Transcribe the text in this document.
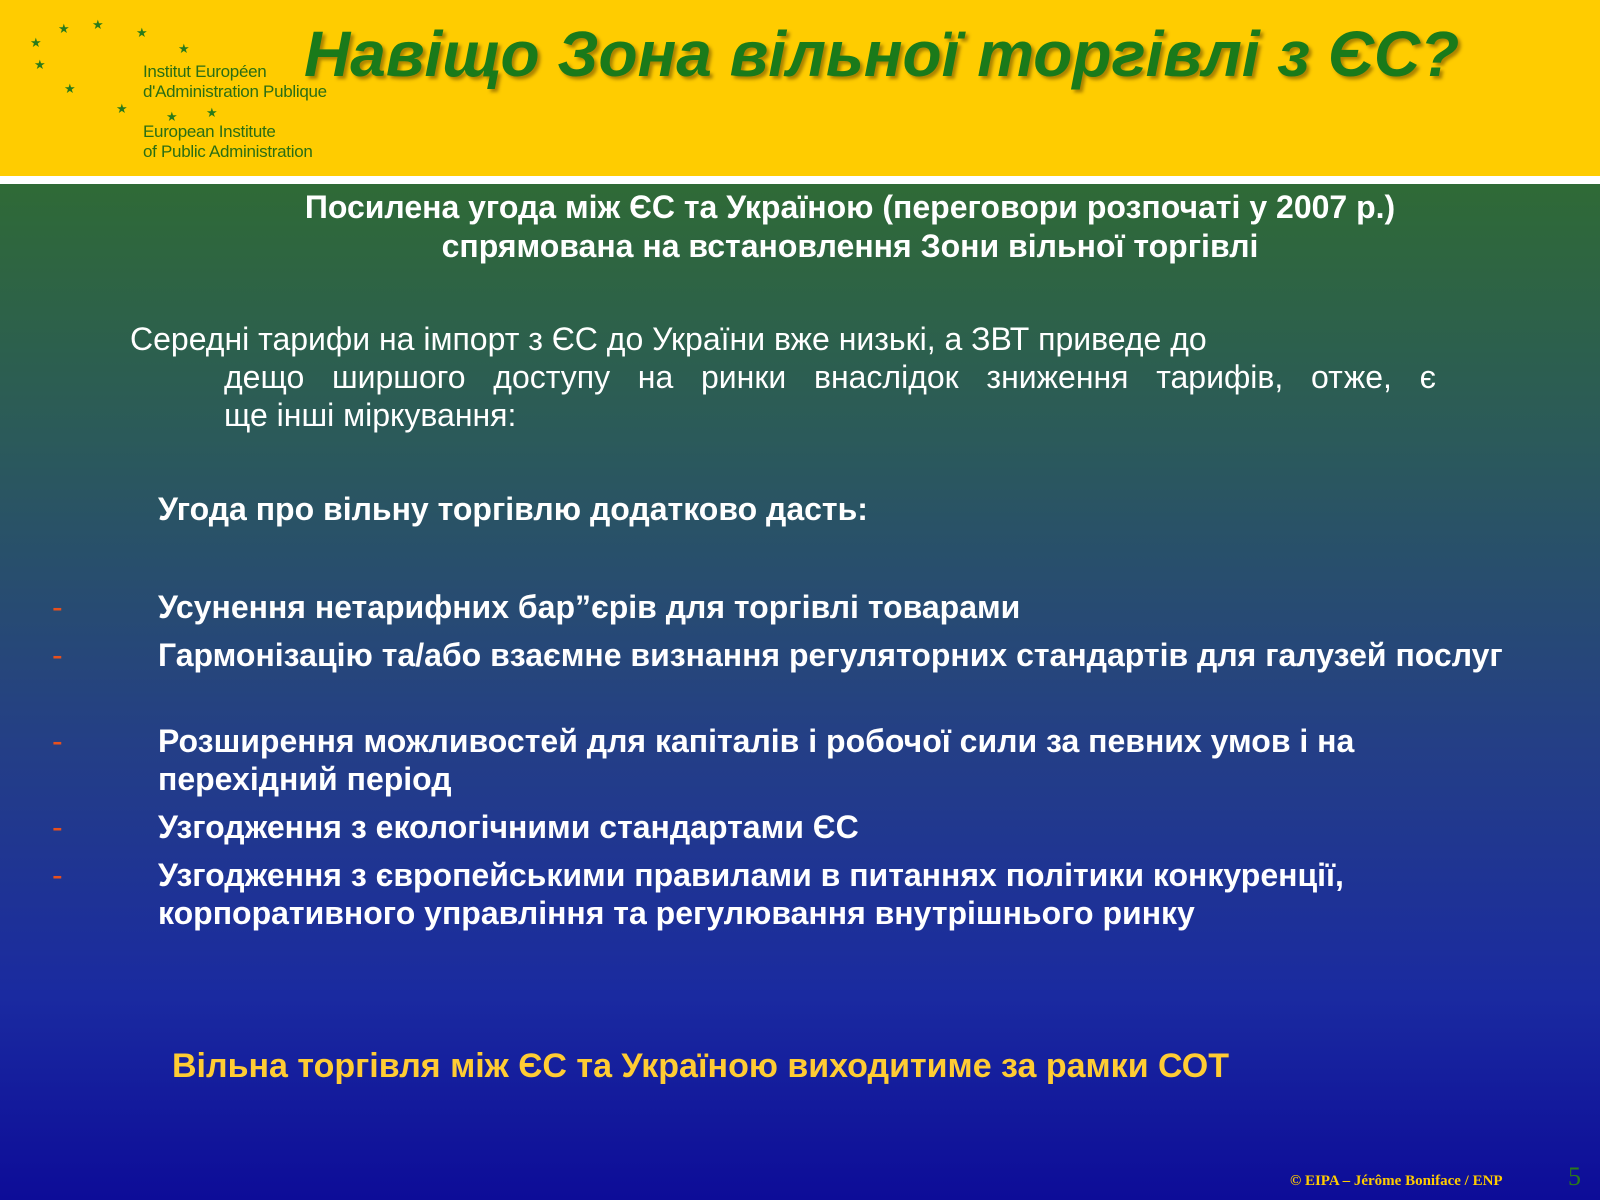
★ ★
★
★
★
★
★
★
★ ★
Institut Européen
d'Administration Publique
European Institute
of Public Administration
Навіщо Зона вільної торгівлі з ЄС?
Посилена угода між ЄС та Україною (переговори розпочаті у 2007 р.)
спрямована на встановлення Зони вільної торгівлі
Середні тарифи на імпорт з ЄС до України вже низькі, а ЗВТ приведе до
дещо ширшого доступу на ринки внаслідок зниження тарифів, отже, є
ще інші міркування:
Угода про вільну торгівлю додатково дасть:
-	Усунення нетарифних бар”єрів для торгівлі товарами
-	Гармонізацію та/або взаємне визнання регуляторних стандартів для галузей послуг
-	Розширення можливостей для капіталів і робочої сили за певних умов і на перехідний період
-	Узгодження з екологічними стандартами ЄС
-	Узгодження з європейськими правилами в питаннях політики конкуренції, корпоративного управління та регулювання внутрішнього ринку

Вільна торгівля між ЄС та Україною виходитиме за рамки СОТ

© EIPA – Jérôme Boniface / ENP	5
